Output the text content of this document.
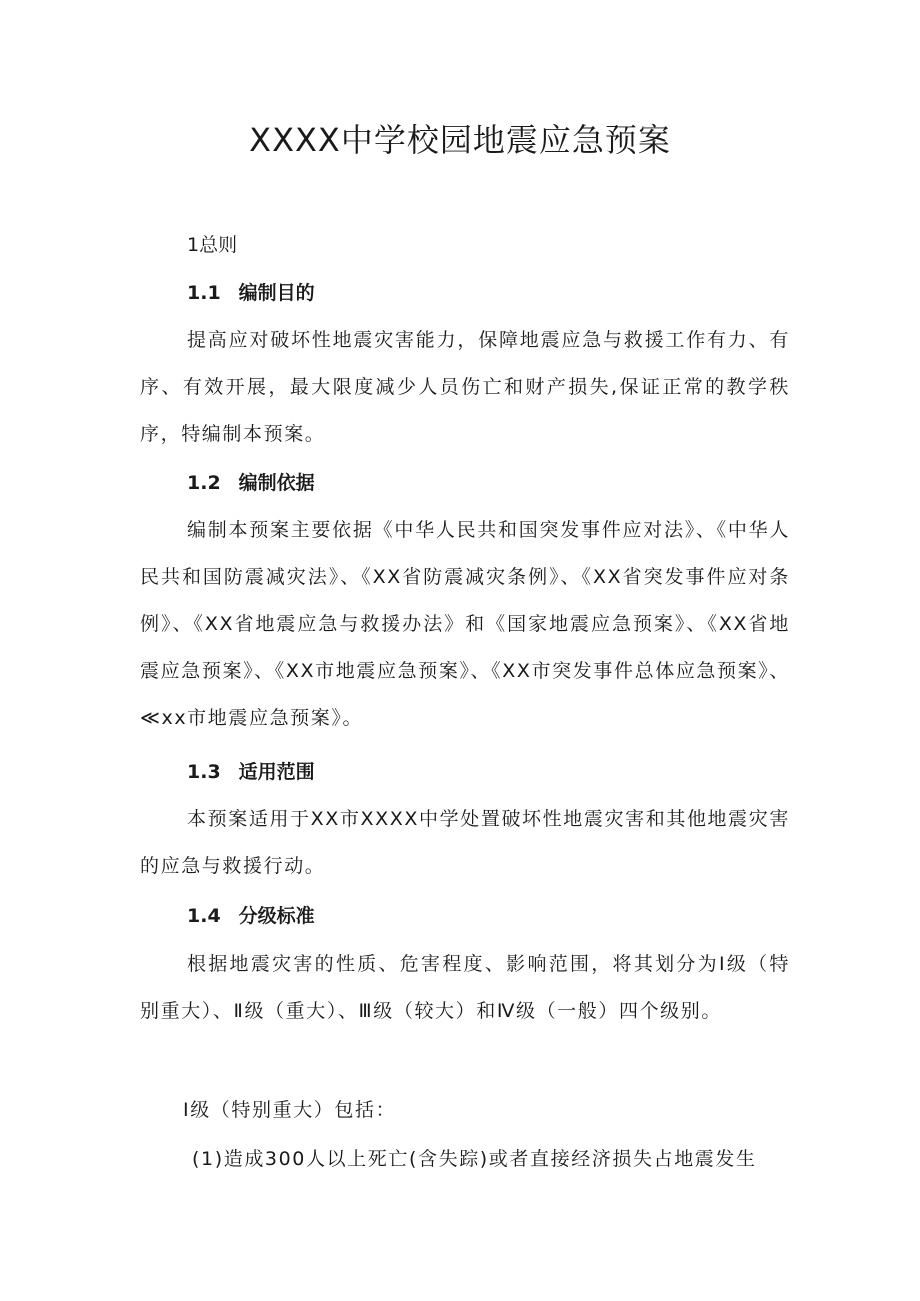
XXXX中学校园地震应急预案

1总则

1.1 编制目的

提高应对破坏性地震灾害能力，保障地震应急与救援工作有力、有序、有效开展，最大限度减少人员伤亡和财产损失,保证正常的教学秩序，特编制本预案。

1.2 编制依据

编制本预案主要依据《中华人民共和国突发事件应对法》、《中华人民共和国防震减灾法》、《XX省防震减灾条例》、《XX省突发事件应对条例》、《XX省地震应急与救援办法》和《国家地震应急预案》、《XX省地震应急预案》、《XX市地震应急预案》、《XX市突发事件总体应急预案》、≪xx市地震应急预案》。

1.3 适用范围

本预案适用于XX市XXXX中学处置破坏性地震灾害和其他地震灾害的应急与救援行动。

1.4 分级标准

根据地震灾害的性质、危害程度、影响范围，将其划分为Ⅰ级（特别重大）、Ⅱ级（重大）、Ⅲ级（较大）和Ⅳ级（一般）四个级别。

Ⅰ级（特别重大）包括：

(1)造成300人以上死亡(含失踪)或者直接经济损失占地震发生
